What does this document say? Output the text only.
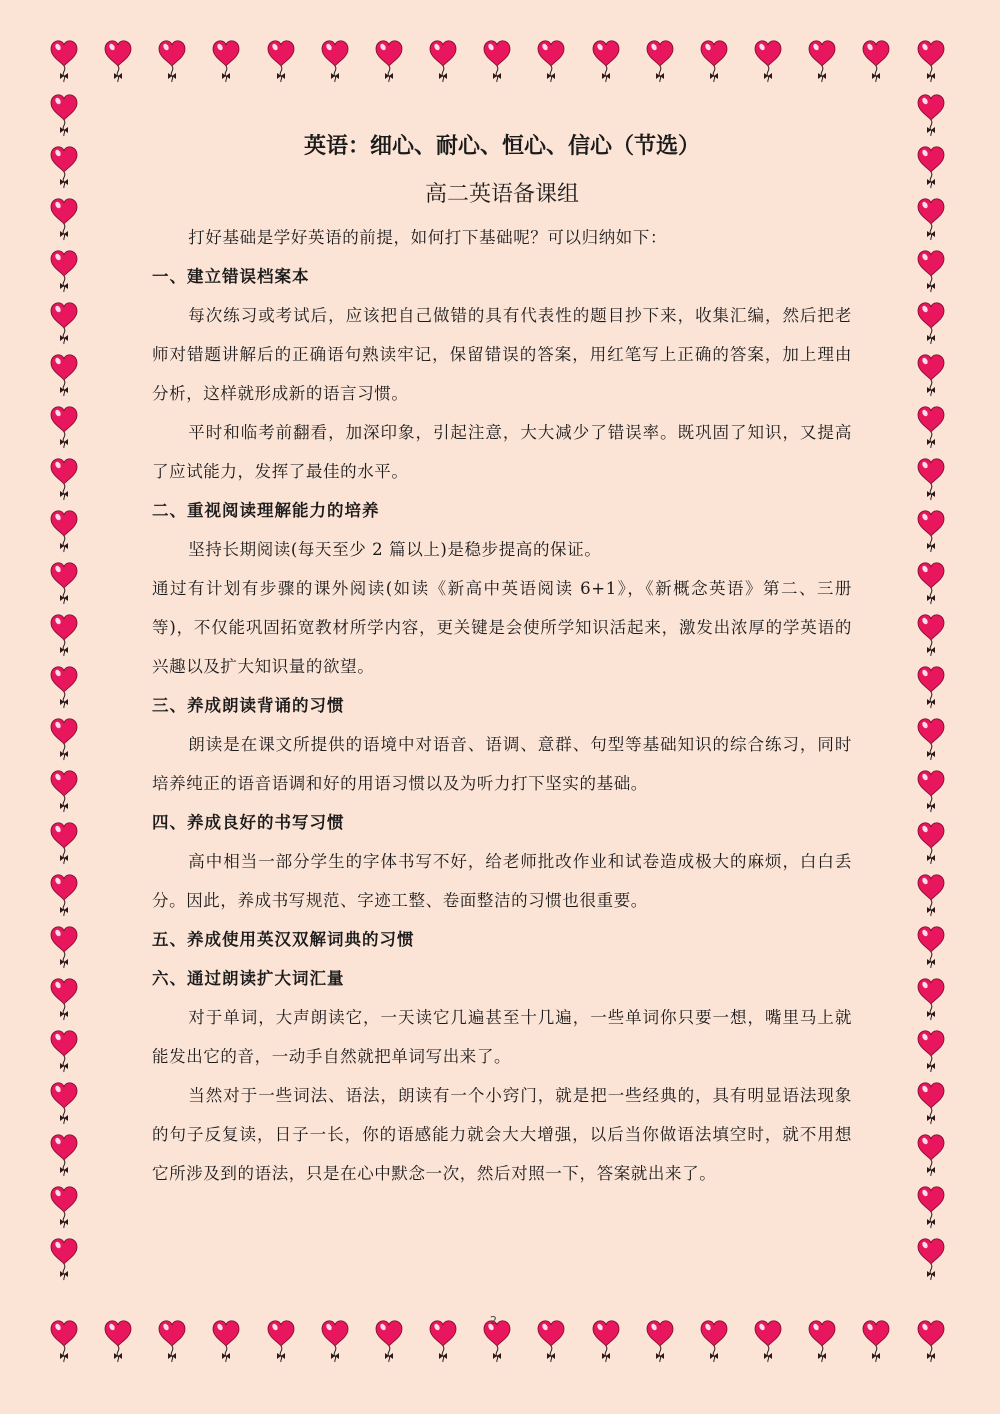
英语：细心、耐心、恒心、信心（节选）
高二英语备课组

打好基础是学好英语的前提，如何打下基础呢？可以归纳如下：

一、建立错误档案本

每次练习或考试后，应该把自己做错的具有代表性的题目抄下来，收集汇编，然后把老师对错题讲解后的正确语句熟读牢记，保留错误的答案，用红笔写上正确的答案，加上理由分析，这样就形成新的语言习惯。

平时和临考前翻看，加深印象，引起注意，大大减少了错误率。既巩固了知识，又提高了应试能力，发挥了最佳的水平。

二、重视阅读理解能力的培养

坚持长期阅读(每天至少 2 篇以上)是稳步提高的保证。

通过有计划有步骤的课外阅读(如读《新高中英语阅读 6+1》，《新概念英语》第二、三册等)，不仅能巩固拓宽教材所学内容，更关键是会使所学知识活起来，激发出浓厚的学英语的兴趣以及扩大知识量的欲望。

三、养成朗读背诵的习惯

朗读是在课文所提供的语境中对语音、语调、意群、句型等基础知识的综合练习，同时培养纯正的语音语调和好的用语习惯以及为听力打下坚实的基础。

四、养成良好的书写习惯

高中相当一部分学生的字体书写不好，给老师批改作业和试卷造成极大的麻烦，白白丢分。因此，养成书写规范、字迹工整、卷面整洁的习惯也很重要。

五、养成使用英汉双解词典的习惯
六、通过朗读扩大词汇量

对于单词，大声朗读它，一天读它几遍甚至十几遍，一些单词你只要一想，嘴里马上就能发出它的音，一动手自然就把单词写出来了。

当然对于一些词法、语法，朗读有一个小窍门，就是把一些经典的，具有明显语法现象的句子反复读，日子一长，你的语感能力就会大大增强，以后当你做语法填空时，就不用想它所涉及到的语法，只是在心中默念一次，然后对照一下，答案就出来了。

2
